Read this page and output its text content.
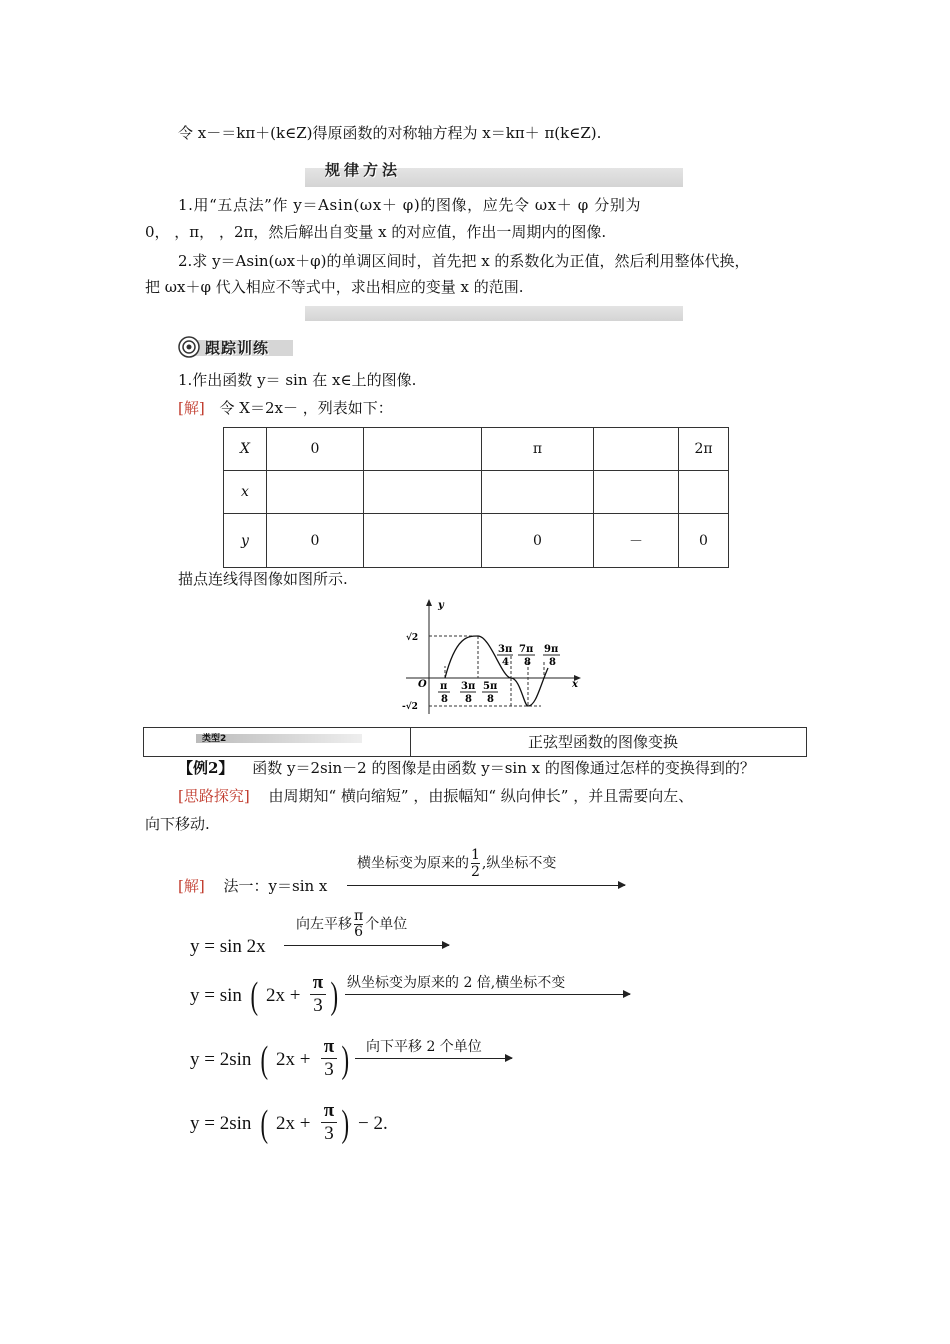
令 x－＝kπ＋(k∈Z)得原函数的对称轴方程为 x＝kπ＋ π(k∈Z).
规律方法
1.用“五点法”作 y＝Asin(ωx＋ φ)的图像，应先令 ωx＋ φ 分别为
0， ，π， ，2π，然后解出自变量 x 的对应值，作出一周期内的图像.
2.求 y＝Asin(ωx＋φ)的单调区间时，首先把 x 的系数化为正值，然后利用整体代换，
把 ωx＋φ 代入相应不等式中，求出相应的变量 x 的范围.
跟踪训练
1.作出函数 y＝ sin 在 x∈上的图像.
[解] 令 X＝2x－ ，列表如下：
X	0		π		2π
x					
y	0		0	－	0
描点连线得图像如图所示.
y
x
O
√2
-√2
3π
4
7π
8
9π
8
π
8
3π
8
5π
8
类型2	正弦型函数的图像变换
【例2】 函数 y＝2sin－2 的图像是由函数 y＝sin x 的图像通过怎样的变换得到的？
[思路探究] 由周期知“ 横向缩短” ，由振幅知“ 纵向伸长” ，并且需要向左、
向下移动.
横坐标变为原来的 $\frac{1}{2}$ ,纵坐标不变
[解] 法一：y＝sin x
向左平移 $\frac{\pi}{6}$ 个单位
y = sin 2x
y = sin ( $2x + \frac{\pi}{3}$ ) 纵坐标变为原来的 2 倍,横坐标不变
y = 2sin ( $2x + \frac{\pi}{3}$ ) 向下平移 2 个单位
y = 2sin ( $2x + \frac{\pi}{3}$ ) − 2.
